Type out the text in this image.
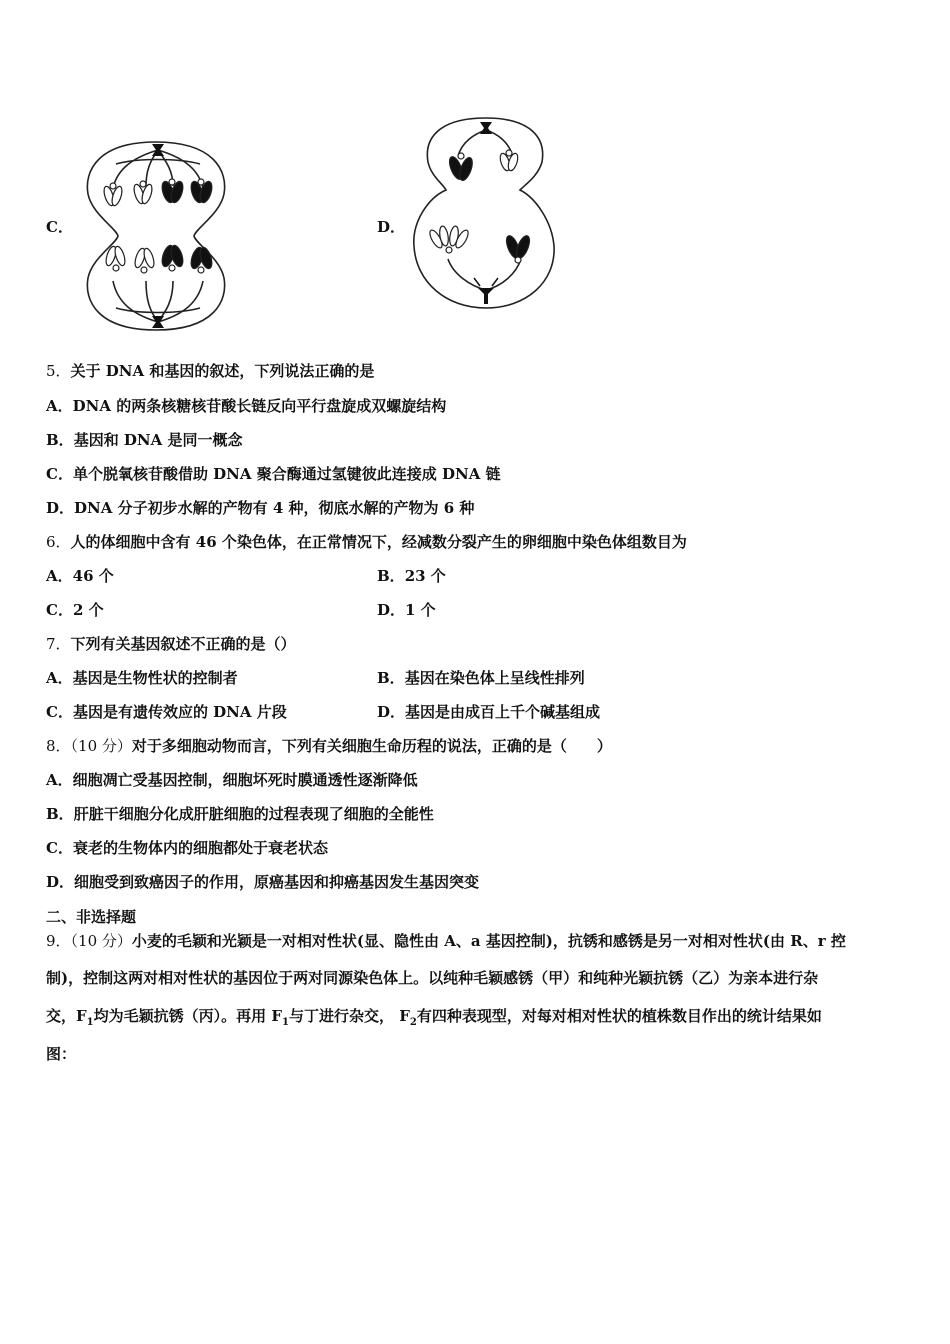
C．	D．
5．关于 DNA 和基因的叙述，下列说法正确的是
A．DNA 的两条核糖核苷酸长链反向平行盘旋成双螺旋结构
B．基因和 DNA 是同一概念
C．单个脱氧核苷酸借助 DNA 聚合酶通过氢键彼此连接成 DNA 链
D．DNA 分子初步水解的产物有 4 种，彻底水解的产物为 6 种
6．人的体细胞中含有 46 个染色体，在正常情况下，经减数分裂产生的卵细胞中染色体组数目为
A．46 个	B．23 个
C．2 个	D．1 个
7．下列有关基因叙述不正确的是（）
A．基因是生物性状的控制者	B．基因在染色体上呈线性排列
C．基因是有遗传效应的 DNA 片段	D．基因是由成百上千个碱基组成
8．（10 分）对于多细胞动物而言，下列有关细胞生命历程的说法，正确的是（　　）
A．细胞凋亡受基因控制，细胞坏死时膜通透性逐渐降低
B．肝脏干细胞分化成肝脏细胞的过程表现了细胞的全能性
C．衰老的生物体内的细胞都处于衰老状态
D．细胞受到致癌因子的作用，原癌基因和抑癌基因发生基因突变
二、非选择题
9．（10 分）小麦的毛颖和光颖是一对相对性状(显、隐性由 A、a 基因控制)，抗锈和感锈是另一对相对性状(由 R、r 控
制)，控制这两对相对性状的基因位于两对同源染色体上。以纯种毛颖感锈（甲）和纯种光颖抗锈（乙）为亲本进行杂
交，$F_1$均为毛颖抗锈（丙）。再用 $F_1$与丁进行杂交， $F_2$有四种表现型，对每对相对性状的植株数目作出的统计结果如
图：
